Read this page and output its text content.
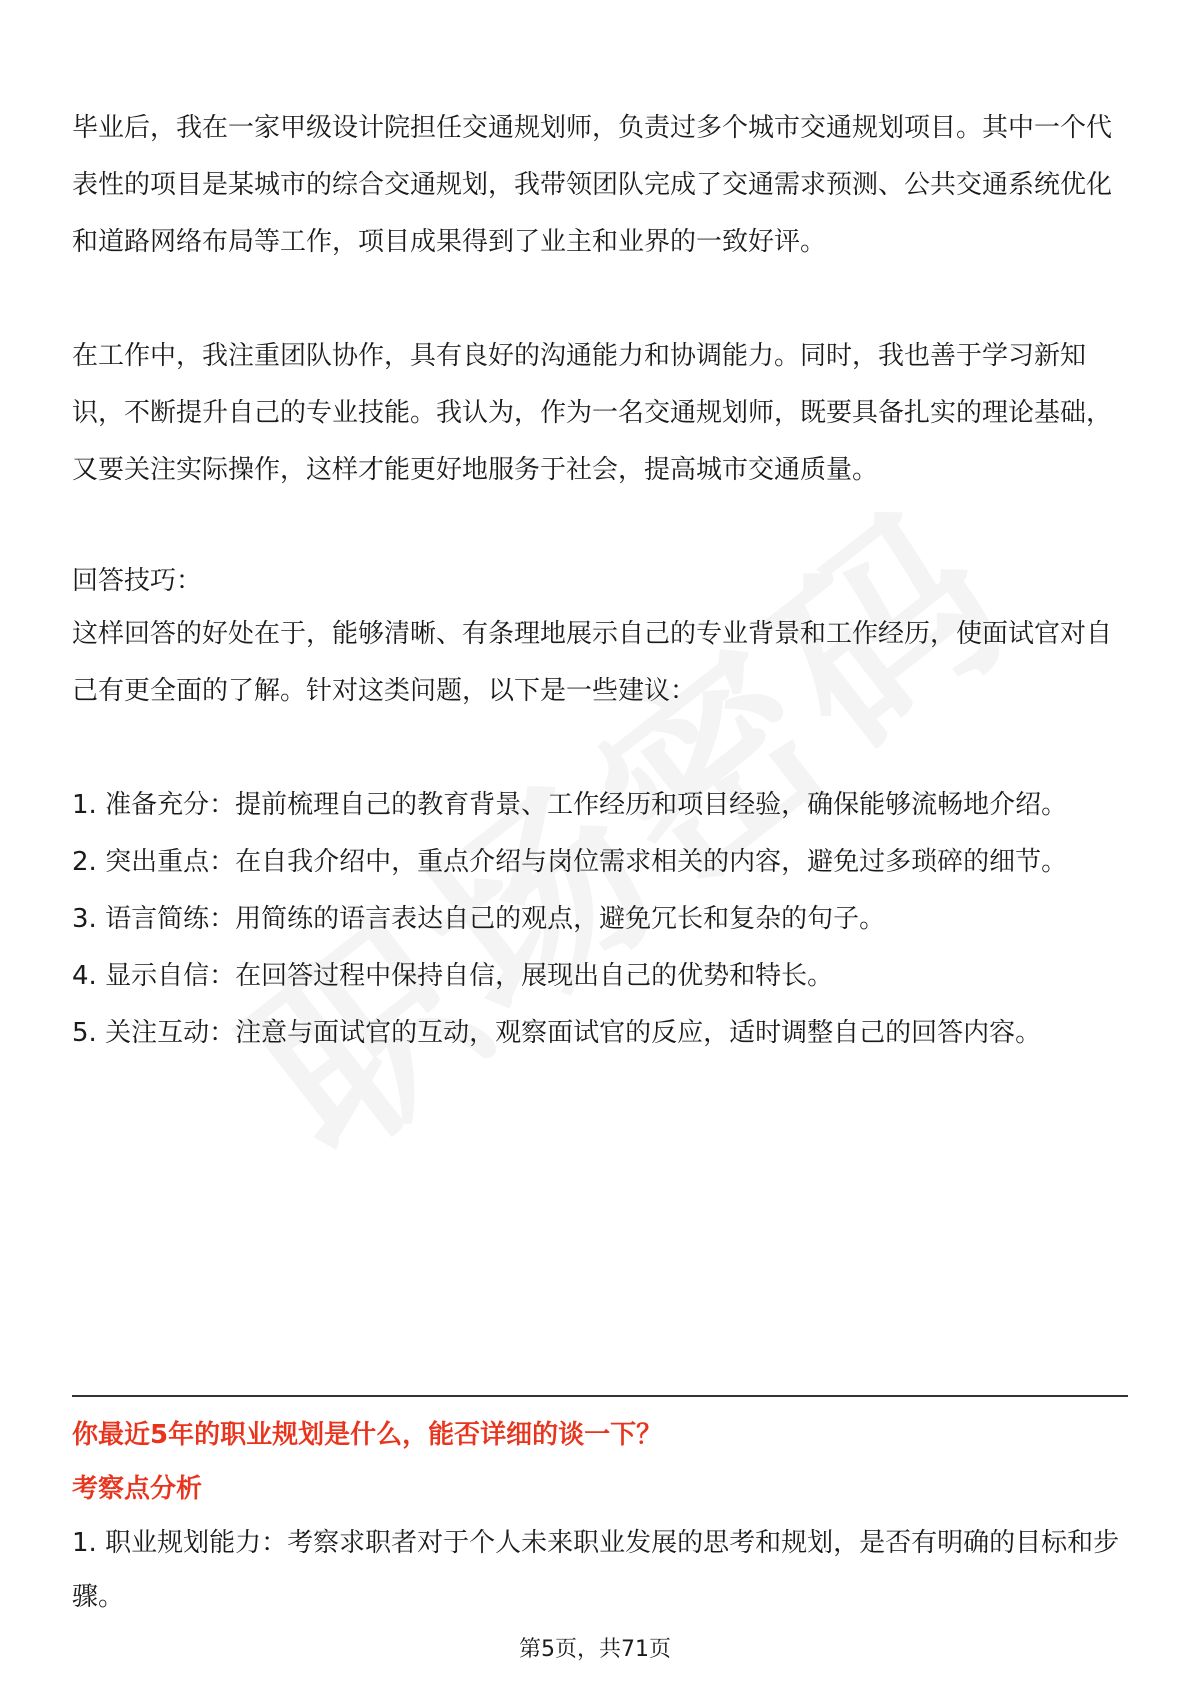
毕业后，我在一家甲级设计院担任交通规划师，负责过多个城市交通规划项目。其中一个代表性的项目是某城市的综合交通规划，我带领团队完成了交通需求预测、公共交通系统优化和道路网络布局等工作，项目成果得到了业主和业界的一致好评。

在工作中，我注重团队协作，具有良好的沟通能力和协调能力。同时，我也善于学习新知识，不断提升自己的专业技能。我认为，作为一名交通规划师，既要具备扎实的理论基础，又要关注实际操作，这样才能更好地服务于社会，提高城市交通质量。

回答技巧：

这样回答的好处在于，能够清晰、有条理地展示自己的专业背景和工作经历，使面试官对自己有更全面的了解。针对这类问题，以下是一些建议：

1. 准备充分：提前梳理自己的教育背景、工作经历和项目经验，确保能够流畅地介绍。

2. 突出重点：在自我介绍中，重点介绍与岗位需求相关的内容，避免过多琐碎的细节。

3. 语言简练：用简练的语言表达自己的观点，避免冗长和复杂的句子。

4. 显示自信：在回答过程中保持自信，展现出自己的优势和特长。

5. 关注互动：注意与面试官的互动，观察面试官的反应，适时调整自己的回答内容。

你最近5年的职业规划是什么，能否详细的谈一下？

考察点分析

1. 职业规划能力：考察求职者对于个人未来职业发展的思考和规划，是否有明确的目标和步骤。

第5页，共71页
